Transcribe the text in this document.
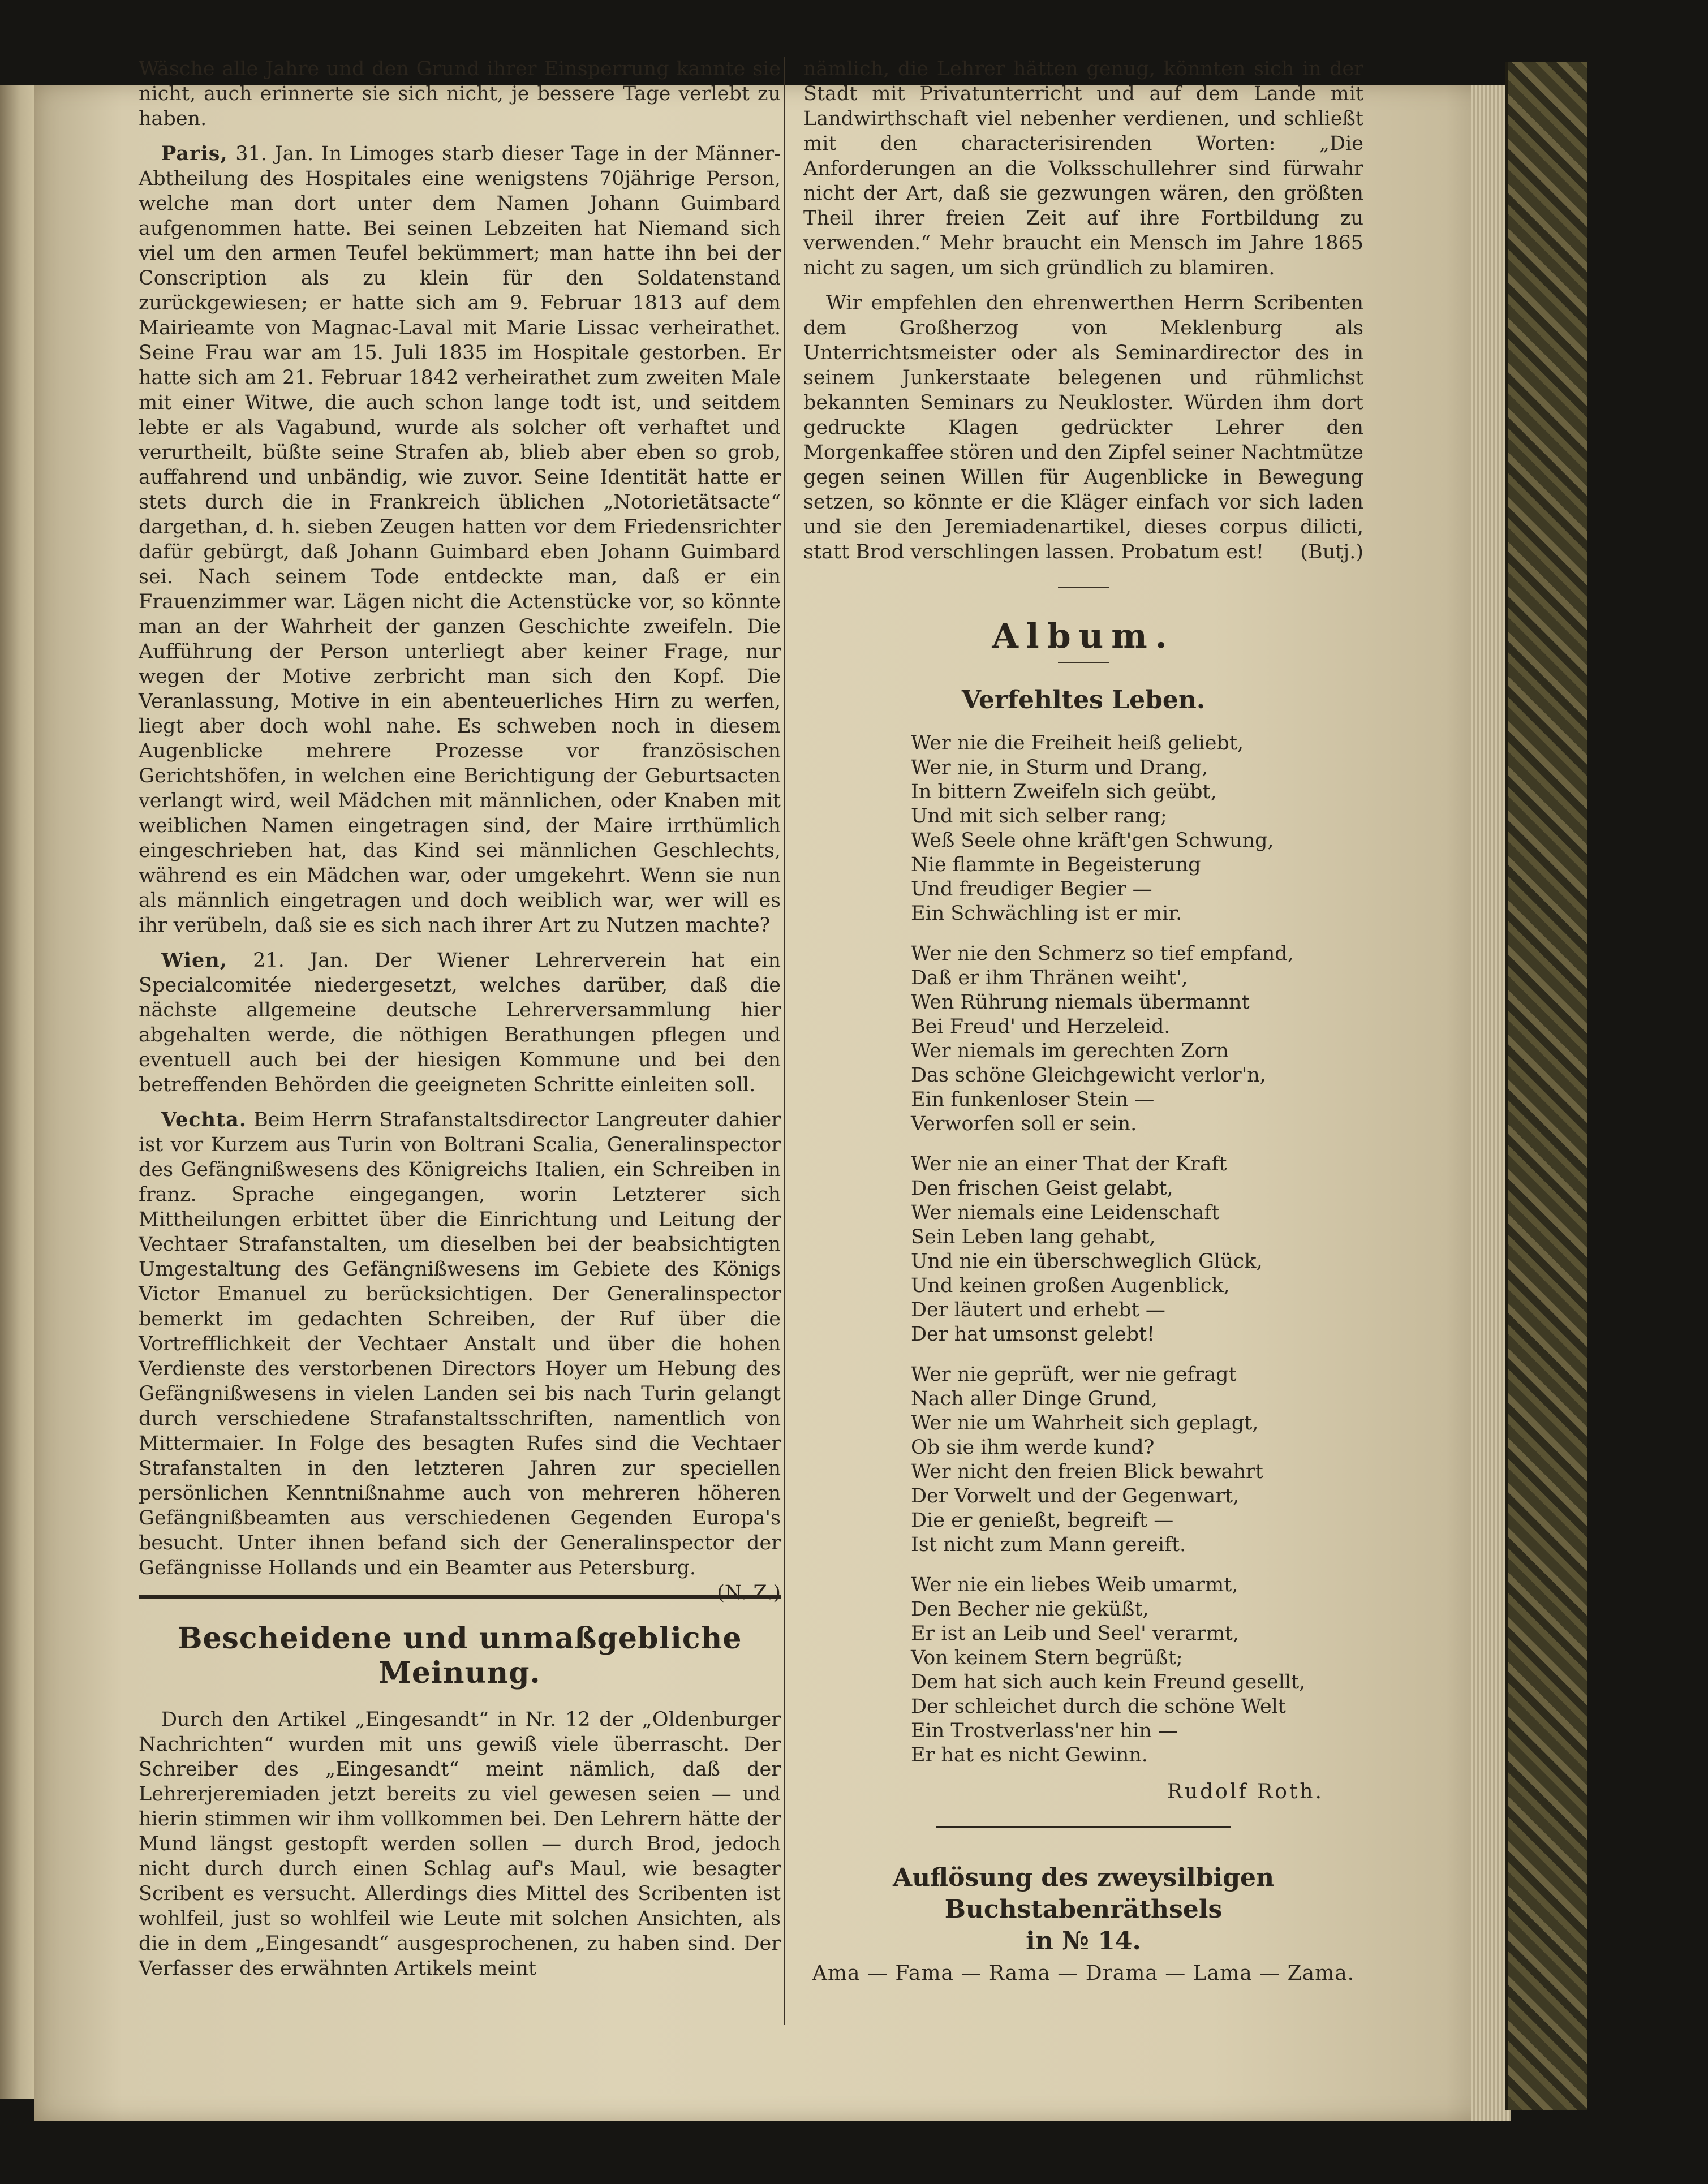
Wäsche alle Jahre und den Grund ihrer Einsperrung kannte sie nicht, auch erinnerte sie sich nicht, je bessere Tage verlebt zu haben.

Paris, 31. Jan. In Limoges starb dieser Tage in der Männer-Abtheilung des Hospitales eine wenigstens 70jährige Person, welche man dort unter dem Namen Johann Guimbard aufgenommen hatte. Bei seinen Lebzeiten hat Niemand sich viel um den armen Teufel bekümmert; man hatte ihn bei der Conscription als zu klein für den Soldatenstand zurückgewiesen; er hatte sich am 9. Februar 1813 auf dem Mairieamte von Magnac-Laval mit Marie Lissac verheirathet. Seine Frau war am 15. Juli 1835 im Hospitale gestorben. Er hatte sich am 21. Februar 1842 verheirathet zum zweiten Male mit einer Witwe, die auch schon lange todt ist, und seitdem lebte er als Vagabund, wurde als solcher oft verhaftet und verurtheilt, büßte seine Strafen ab, blieb aber eben so grob, auffahrend und unbändig, wie zuvor. Seine Identität hatte er stets durch die in Frankreich üblichen „Notorietätsacte“ dargethan, d. h. sieben Zeugen hatten vor dem Friedensrichter dafür gebürgt, daß Johann Guimbard eben Johann Guimbard sei. Nach seinem Tode entdeckte man, daß er ein Frauenzimmer war. Lägen nicht die Actenstücke vor, so könnte man an der Wahrheit der ganzen Geschichte zweifeln. Die Aufführung der Person unterliegt aber keiner Frage, nur wegen der Motive zerbricht man sich den Kopf. Die Veranlassung, Motive in ein abenteuerliches Hirn zu werfen, liegt aber doch wohl nahe. Es schweben noch in diesem Augenblicke mehrere Prozesse vor französischen Gerichtshöfen, in welchen eine Berichtigung der Geburtsacten verlangt wird, weil Mädchen mit männlichen, oder Knaben mit weiblichen Namen eingetragen sind, der Maire irrthümlich eingeschrieben hat, das Kind sei männlichen Geschlechts, während es ein Mädchen war, oder umgekehrt. Wenn sie nun als männlich eingetragen und doch weiblich war, wer will es ihr verübeln, daß sie es sich nach ihrer Art zu Nutzen machte?

Wien, 21. Jan. Der Wiener Lehrerverein hat ein Specialcomitée niedergesetzt, welches darüber, daß die nächste allgemeine deutsche Lehrerversammlung hier abgehalten werde, die nöthigen Berathungen pflegen und eventuell auch bei der hiesigen Kommune und bei den betreffenden Behörden die geeigneten Schritte einleiten soll.

Vechta. Beim Herrn Strafanstaltsdirector Langreuter dahier ist vor Kurzem aus Turin von Boltrani Scalia, Generalinspector des Gefängnißwesens des Königreichs Italien, ein Schreiben in franz. Sprache eingegangen, worin Letzterer sich Mittheilungen erbittet über die Einrichtung und Leitung der Vechtaer Strafanstalten, um dieselben bei der beabsichtigten Umgestaltung des Gefängnißwesens im Gebiete des Königs Victor Emanuel zu berücksichtigen. Der Generalinspector bemerkt im gedachten Schreiben, der Ruf über die Vortrefflichkeit der Vechtaer Anstalt und über die hohen Verdienste des verstorbenen Directors Hoyer um Hebung des Gefängnißwesens in vielen Landen sei bis nach Turin gelangt durch verschiedene Strafanstaltsschriften, namentlich von Mittermaier. In Folge des besagten Rufes sind die Vechtaer Strafanstalten in den letzteren Jahren zur speciellen persönlichen Kenntnißnahme auch von mehreren höheren Gefängnißbeamten aus verschiedenen Gegenden Europa's besucht. Unter ihnen befand sich der Generalinspector der Gefängnisse Hollands und ein Beamter aus Petersburg.
(N. Z.)

Bescheidene und unmaßgebliche Meinung.

Durch den Artikel „Eingesandt“ in Nr. 12 der „Oldenburger Nachrichten“ wurden mit uns gewiß viele überrascht. Der Schreiber des „Eingesandt“ meint nämlich, daß der Lehrerjeremiaden jetzt bereits zu viel gewesen seien — und hierin stimmen wir ihm vollkommen bei. Den Lehrern hätte der Mund längst gestopft werden sollen — durch Brod, jedoch nicht durch durch einen Schlag auf's Maul, wie besagter Scribent es versucht. Allerdings dies Mittel des Scribenten ist wohlfeil, just so wohlfeil wie Leute mit solchen Ansichten, als die in dem „Eingesandt“ ausgesprochenen, zu haben sind. Der Verfasser des erwähnten Artikels meint

nämlich, die Lehrer hätten genug, könnten sich in der Stadt mit Privatunterricht und auf dem Lande mit Landwirthschaft viel nebenher verdienen, und schließt mit den characterisirenden Worten: „Die Anforderungen an die Volksschullehrer sind fürwahr nicht der Art, daß sie gezwungen wären, den größten Theil ihrer freien Zeit auf ihre Fortbildung zu verwenden.“ Mehr braucht ein Mensch im Jahre 1865 nicht zu sagen, um sich gründlich zu blamiren.

Wir empfehlen den ehrenwerthen Herrn Scribenten dem Großherzog von Meklenburg als Unterrichtsmeister oder als Seminardirector des in seinem Junkerstaate belegenen und rühmlichst bekannten Seminars zu Neukloster. Würden ihm dort gedruckte Klagen gedrückter Lehrer den Morgenkaffee stören und den Zipfel seiner Nachtmütze gegen seinen Willen für Augenblicke in Bewegung setzen, so könnte er die Kläger einfach vor sich laden und sie den Jeremiadenartikel, dieses corpus dilicti, statt Brod verschlingen lassen. Probatum est!	(Butj.)

Album.
Verfehltes Leben.
Wer nie die Freiheit heiß geliebt,
Wer nie, in Sturm und Drang,
In bittern Zweifeln sich geübt,
Und mit sich selber rang;
Weß Seele ohne kräft'gen Schwung,
Nie flammte in Begeisterung
Und freudiger Begier —
Ein Schwächling ist er mir.
Wer nie den Schmerz so tief empfand,
Daß er ihm Thränen weiht',
Wen Rührung niemals übermannt
Bei Freud' und Herzeleid.
Wer niemals im gerechten Zorn
Das schöne Gleichgewicht verlor'n,
Ein funkenloser Stein —
Verworfen soll er sein.
Wer nie an einer That der Kraft
Den frischen Geist gelabt,
Wer niemals eine Leidenschaft
Sein Leben lang gehabt,
Und nie ein überschweglich Glück,
Und keinen großen Augenblick,
Der läutert und erhebt —
Der hat umsonst gelebt!
Wer nie geprüft, wer nie gefragt
Nach aller Dinge Grund,
Wer nie um Wahrheit sich geplagt,
Ob sie ihm werde kund?
Wer nicht den freien Blick bewahrt
Der Vorwelt und der Gegenwart,
Die er genießt, begreift —
Ist nicht zum Mann gereift.
Wer nie ein liebes Weib umarmt,
Den Becher nie geküßt,
Er ist an Leib und Seel' verarmt,
Von keinem Stern begrüßt;
Dem hat sich auch kein Freund gesellt,
Der schleichet durch die schöne Welt
Ein Trostverlass'ner hin —
Er hat es nicht Gewinn.
Rudolf Roth.
Auflösung des zweysilbigen Buchstabenräthsels
in № 14.
Ama — Fama — Rama — Drama — Lama — Zama.
